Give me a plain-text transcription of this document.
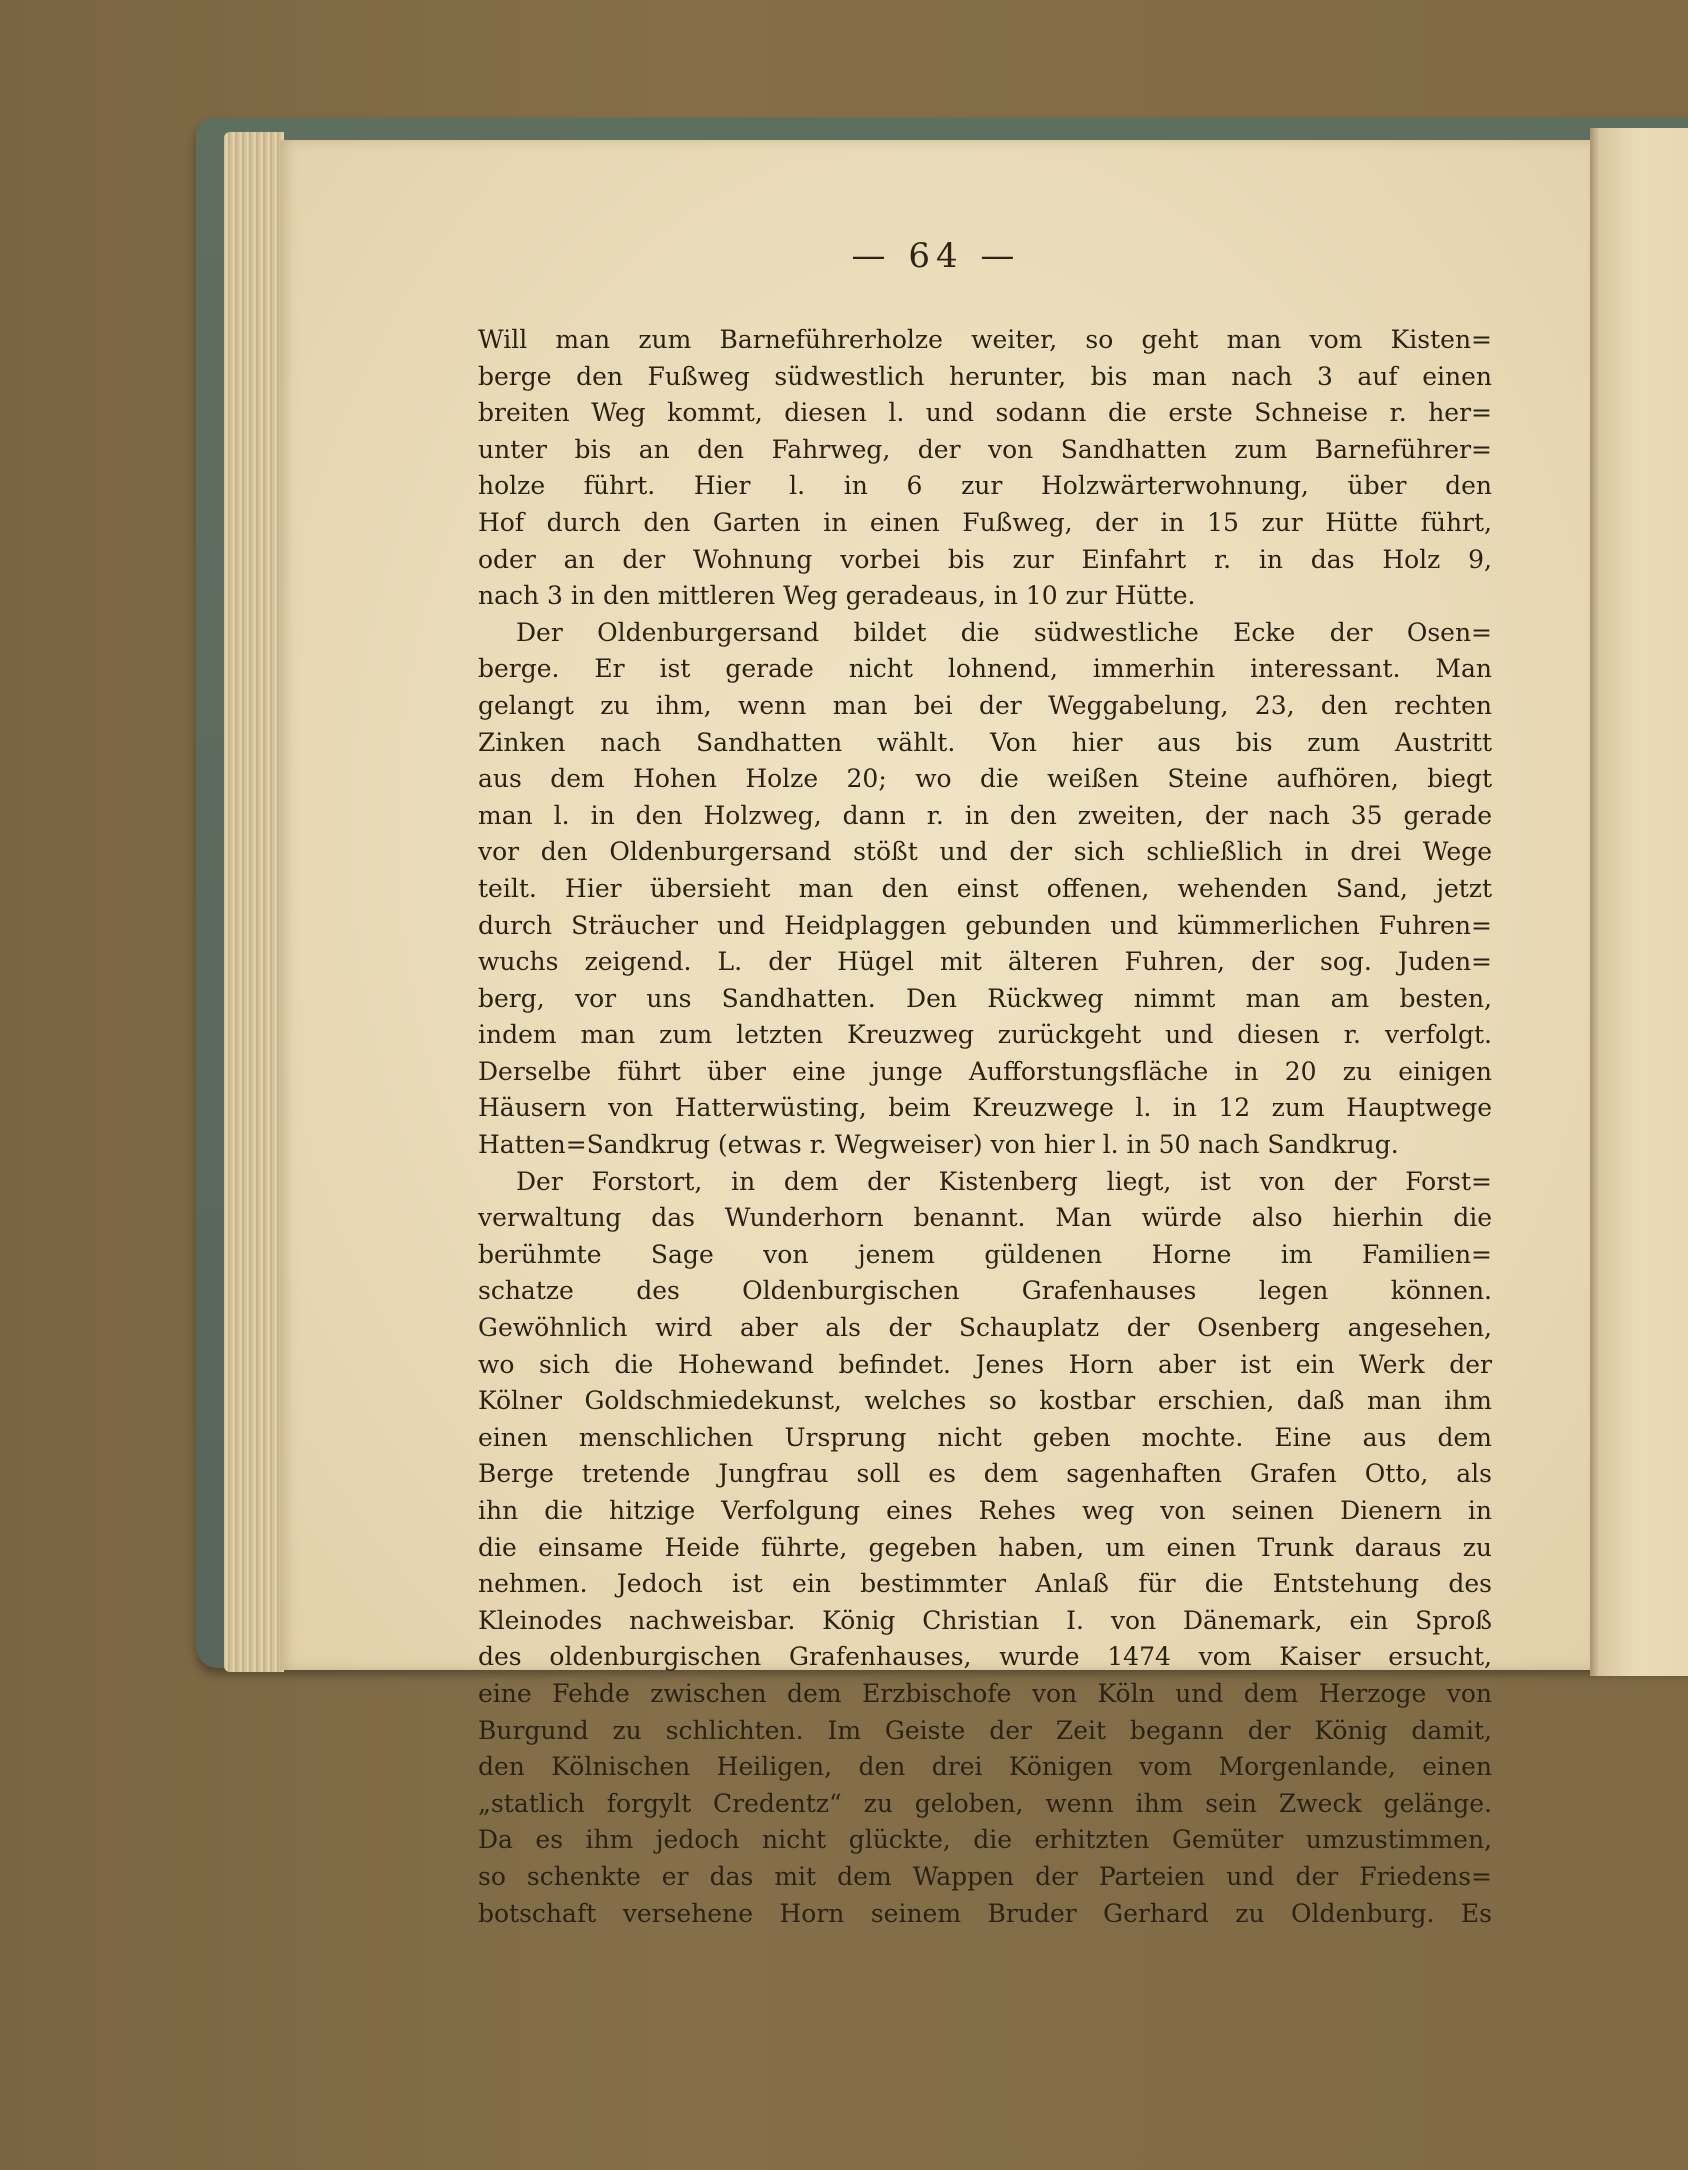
— 64 —
Will man zum Barneführerholze weiter, so geht man vom Kisten=
berge den Fußweg südwestlich herunter, bis man nach 3 auf einen
breiten Weg kommt, diesen l. und sodann die erste Schneise r. her=
unter bis an den Fahrweg, der von Sandhatten zum Barneführer=
holze führt. Hier l. in 6 zur Holzwärterwohnung, über den
Hof durch den Garten in einen Fußweg, der in 15 zur Hütte führt,
oder an der Wohnung vorbei bis zur Einfahrt r. in das Holz 9,
nach 3 in den mittleren Weg geradeaus, in 10 zur Hütte.
Der Oldenburgersand bildet die südwestliche Ecke der Osen=
berge. Er ist gerade nicht lohnend, immerhin interessant. Man
gelangt zu ihm, wenn man bei der Weggabelung, 23, den rechten
Zinken nach Sandhatten wählt. Von hier aus bis zum Austritt
aus dem Hohen Holze 20; wo die weißen Steine aufhören, biegt
man l. in den Holzweg, dann r. in den zweiten, der nach 35 gerade
vor den Oldenburgersand stößt und der sich schließlich in drei Wege
teilt. Hier übersieht man den einst offenen, wehenden Sand, jetzt
durch Sträucher und Heidplaggen gebunden und kümmerlichen Fuhren=
wuchs zeigend. L. der Hügel mit älteren Fuhren, der sog. Juden=
berg, vor uns Sandhatten. Den Rückweg nimmt man am besten,
indem man zum letzten Kreuzweg zurückgeht und diesen r. verfolgt.
Derselbe führt über eine junge Aufforstungsfläche in 20 zu einigen
Häusern von Hatterwüsting, beim Kreuzwege l. in 12 zum Hauptwege
Hatten=Sandkrug (etwas r. Wegweiser) von hier l. in 50 nach Sandkrug.
Der Forstort, in dem der Kistenberg liegt, ist von der Forst=
verwaltung das Wunderhorn benannt. Man würde also hierhin die
berühmte Sage von jenem güldenen Horne im Familien=
schatze des Oldenburgischen Grafenhauses legen können.
Gewöhnlich wird aber als der Schauplatz der Osenberg angesehen,
wo sich die Hohewand befindet. Jenes Horn aber ist ein Werk der
Kölner Goldschmiedekunst, welches so kostbar erschien, daß man ihm
einen menschlichen Ursprung nicht geben mochte. Eine aus dem
Berge tretende Jungfrau soll es dem sagenhaften Grafen Otto, als
ihn die hitzige Verfolgung eines Rehes weg von seinen Dienern in
die einsame Heide führte, gegeben haben, um einen Trunk daraus zu
nehmen. Jedoch ist ein bestimmter Anlaß für die Entstehung des
Kleinodes nachweisbar. König Christian I. von Dänemark, ein Sproß
des oldenburgischen Grafenhauses, wurde 1474 vom Kaiser ersucht,
eine Fehde zwischen dem Erzbischofe von Köln und dem Herzoge von
Burgund zu schlichten. Im Geiste der Zeit begann der König damit,
den Kölnischen Heiligen, den drei Königen vom Morgenlande, einen
„statlich forgylt Credentz“ zu geloben, wenn ihm sein Zweck gelänge.
Da es ihm jedoch nicht glückte, die erhitzten Gemüter umzustimmen,
so schenkte er das mit dem Wappen der Parteien und der Friedens=
botschaft versehene Horn seinem Bruder Gerhard zu Oldenburg. Es
